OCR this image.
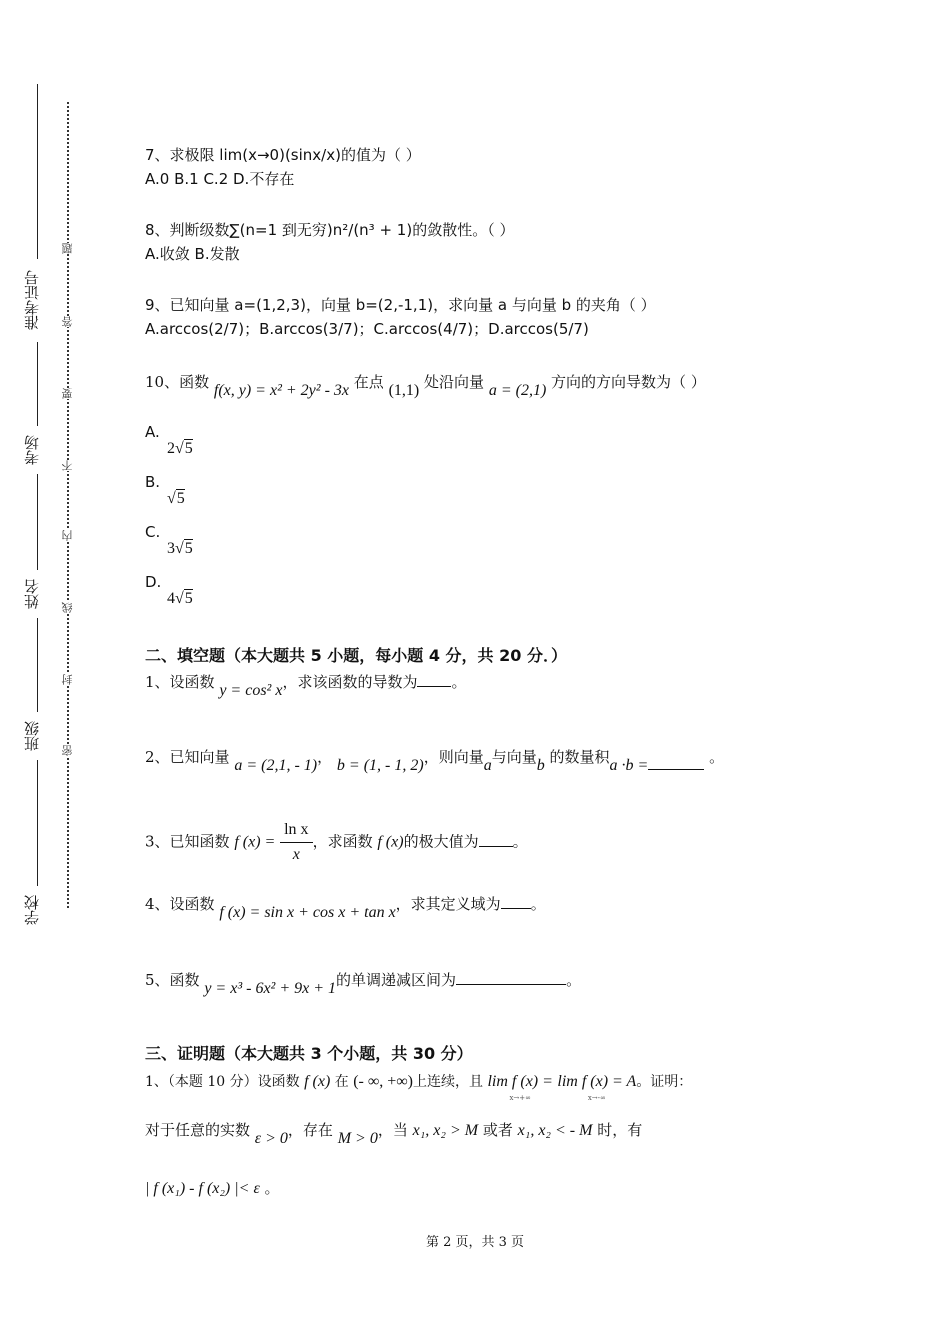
准考证号
考场
姓名
班级
学校
题
答
要
不
内
线
封
密
7、求极限 lim(x→0)(sinx/x)的值为（ ）
A.0 B.1 C.2 D.不存在
8、判断级数∑(n=1 到无穷)n²/(n³ + 1)的敛散性。（ ）
A.收敛 B.发散
9、已知向量 a=(1,2,3)，向量 b=(2,-1,1)，求向量 a 与向量 b 的夹角（ ）
A.arccos(2/7)；B.arccos(3/7)；C.arccos(4/7)；D.arccos(5/7)
10、函数 f(x, y) = x² + 2y² - 3x 在点 (1,1) 处沿向量 a = (2,1) 方向的方向导数为（ ）
A.
2√5
B.
√5
C.
3√5
D.
4√5
二、填空题（本大题共 5 小题，每小题 4 分，共 20 分．）
1、设函数 y = cos² x，求该函数的导数为 。
2、已知向量 a = (2,1, - 1)， b = (1, - 1, 2)，则向量a与向量b 的数量积a ·b =	。
3、已知函数 f $(x) = \frac{\text{ln x}}{x}$ ，求函数 f (x)的极大值为 。
4、设函数 f (x) = sin x + cos x + tan x，求其定义域为 。
5、函数 y = x³ - 6x² + 9x + 1的单调递减区间为	。
三、证明题（本大题共 3 个小题，共 30 分）
1、（本题 10 分）设函数 f (x) 在 (- ∞, +∞)上连续，且 lim f (x) =
x→+∞
lim f (x) = A
x→-∞
。证明：
对于任意的实数 ε > 0，存在 M > 0，当 x₁, x₂ > M 或者 x₁, x₂ < - M 时，有
| f (x₁) - f (x₂) |< ε 。
第 2 页，共 3 页
